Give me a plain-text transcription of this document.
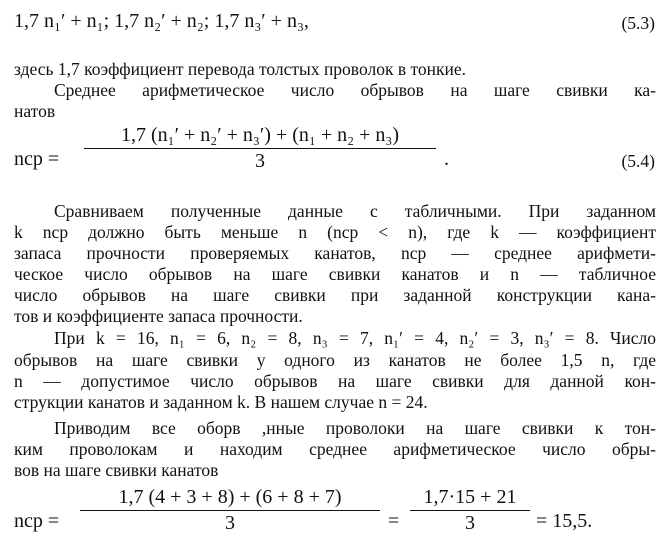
1,7 n₁′ + n₁; 1,7 n₂′ + n₂; 1,7 n₃′ + n₃,	(5.3)
здесь 1,7 коэффициент перевода толстых проволок в тонкие.
Среднее арифметическое число обрывов на шаге свивки ка-
натов
nср =
1,7 (n₁′ + n₂′ + n₃′) + (n₁ + n₂ + n₃)
3	.	(5.4)
Сравниваем полученные данные с табличными. При заданном
k nср должно быть меньше n (nср < n), где k — коэффициент
запаса прочности проверяемых канатов, nср — среднее арифмети-
ческое число обрывов на шаге свивки канатов и n — табличное
число обрывов на шаге свивки при заданной конструкции кана-
тов и коэффициенте запаса прочности.
При k = 16, n₁ = 6, n₂ = 8, n₃ = 7, n₁′ = 4, n₂′ = 3, n₃′ = 8. Число
обрывов на шаге свивки у одного из канатов не более 1,5 n, где
n — допустимое число обрывов на шаге свивки для данной кон-
струкции канатов и заданном k. В нашем случае n = 24.
Приводим все оборв ,нные проволоки на шаге свивки к тон-
ким проволокам и находим среднее арифметическое число обры-
вов на шаге свивки канатов
nср =
1,7 (4 + 3 + 8) + (6 + 8 + 7)
3	=
1,7·15 + 21
3	= 15,5.
